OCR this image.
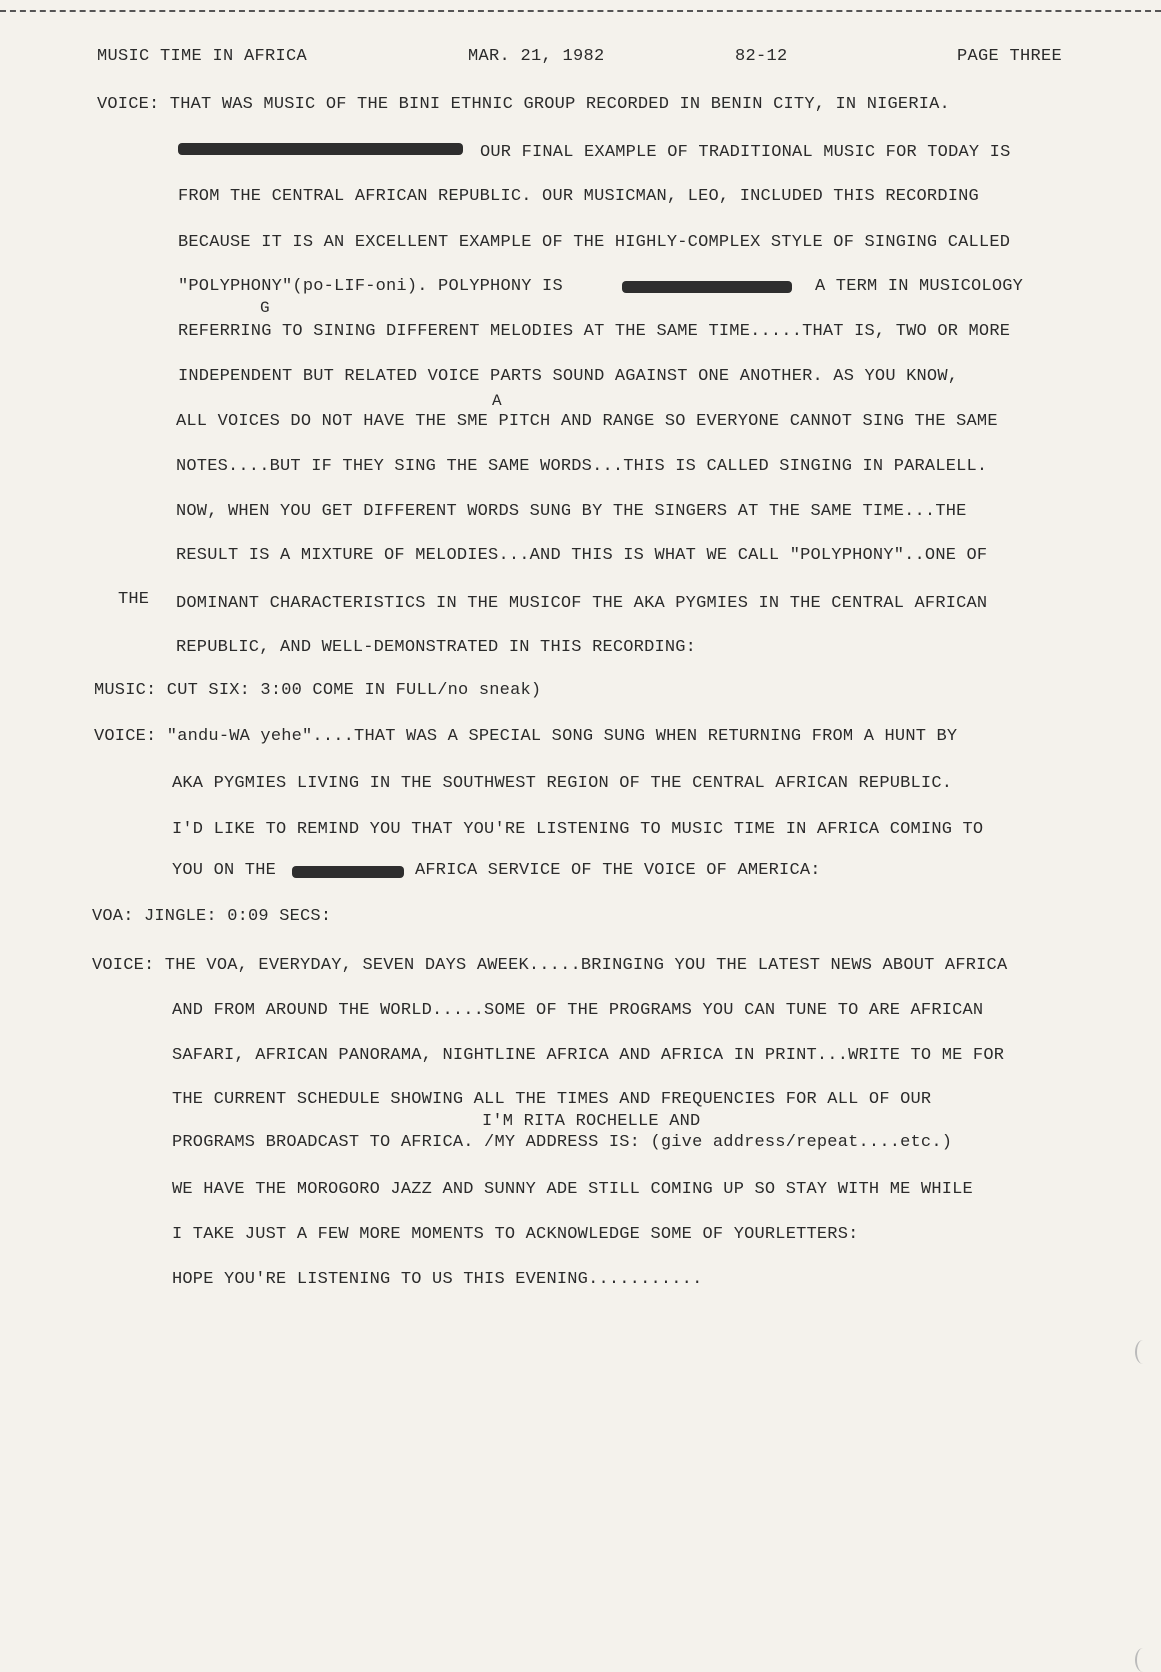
MUSIC TIME IN AFRICA	MAR. 21, 1982	82-12	PAGE THREE
VOICE: THAT WAS MUSIC OF THE BINI ETHNIC GROUP RECORDED IN BENIN CITY, IN NIGERIA.
OUR FINAL EXAMPLE OF TRADITIONAL MUSIC FOR TODAY IS
FROM THE CENTRAL AFRICAN REPUBLIC. OUR MUSICMAN, LEO, INCLUDED THIS RECORDING
BECAUSE IT IS AN EXCELLENT EXAMPLE OF THE HIGHLY-COMPLEX STYLE OF SINGING CALLED
"POLYPHONY"(po-LIF-oni). POLYPHONY IS	A TERM IN MUSICOLOGY
G
REFERRING TO SINING DIFFERENT MELODIES AT THE SAME TIME.....THAT IS, TWO OR MORE
INDEPENDENT BUT RELATED VOICE PARTS SOUND AGAINST ONE ANOTHER. AS YOU KNOW,
A
ALL VOICES DO NOT HAVE THE SME PITCH AND RANGE SO EVERYONE CANNOT SING THE SAME
NOTES....BUT IF THEY SING THE SAME WORDS...THIS IS CALLED SINGING IN PARALELL.
NOW, WHEN YOU GET DIFFERENT WORDS SUNG BY THE SINGERS AT THE SAME TIME...THE
RESULT IS A MIXTURE OF MELODIES...AND THIS IS WHAT WE CALL "POLYPHONY"..ONE OF
THE DOMINANT CHARACTERISTICS IN THE MUSICOF THE AKA PYGMIES IN THE CENTRAL AFRICAN
REPUBLIC, AND WELL-DEMONSTRATED IN THIS RECORDING:
MUSIC: CUT SIX: 3:00 COME IN FULL/no sneak)
VOICE: "andu-WA yehe"....THAT WAS A SPECIAL SONG SUNG WHEN RETURNING FROM A HUNT BY
AKA PYGMIES LIVING IN THE SOUTHWEST REGION OF THE CENTRAL AFRICAN REPUBLIC.
I'D LIKE TO REMIND YOU THAT YOU'RE LISTENING TO MUSIC TIME IN AFRICA COMING TO
YOU ON THE	AFRICA SERVICE OF THE VOICE OF AMERICA:
VOA: JINGLE: 0:09 SECS:
VOICE: THE VOA, EVERYDAY, SEVEN DAYS AWEEK.....BRINGING YOU THE LATEST NEWS ABOUT AFRICA
AND FROM AROUND THE WORLD.....SOME OF THE PROGRAMS YOU CAN TUNE TO ARE AFRICAN
SAFARI, AFRICAN PANORAMA, NIGHTLINE AFRICA AND AFRICA IN PRINT...WRITE TO ME FOR
THE CURRENT SCHEDULE SHOWING ALL THE TIMES AND FREQUENCIES FOR ALL OF OUR
I'M RITA ROCHELLE AND
PROGRAMS BROADCAST TO AFRICA. /MY ADDRESS IS: (give address/repeat....etc.)
WE HAVE THE MOROGORO JAZZ AND SUNNY ADE STILL COMING UP SO STAY WITH ME WHILE
I TAKE JUST A FEW MORE MOMENTS TO ACKNOWLEDGE SOME OF YOURLETTERS:
HOPE YOU'RE LISTENING TO US THIS EVENING...........
